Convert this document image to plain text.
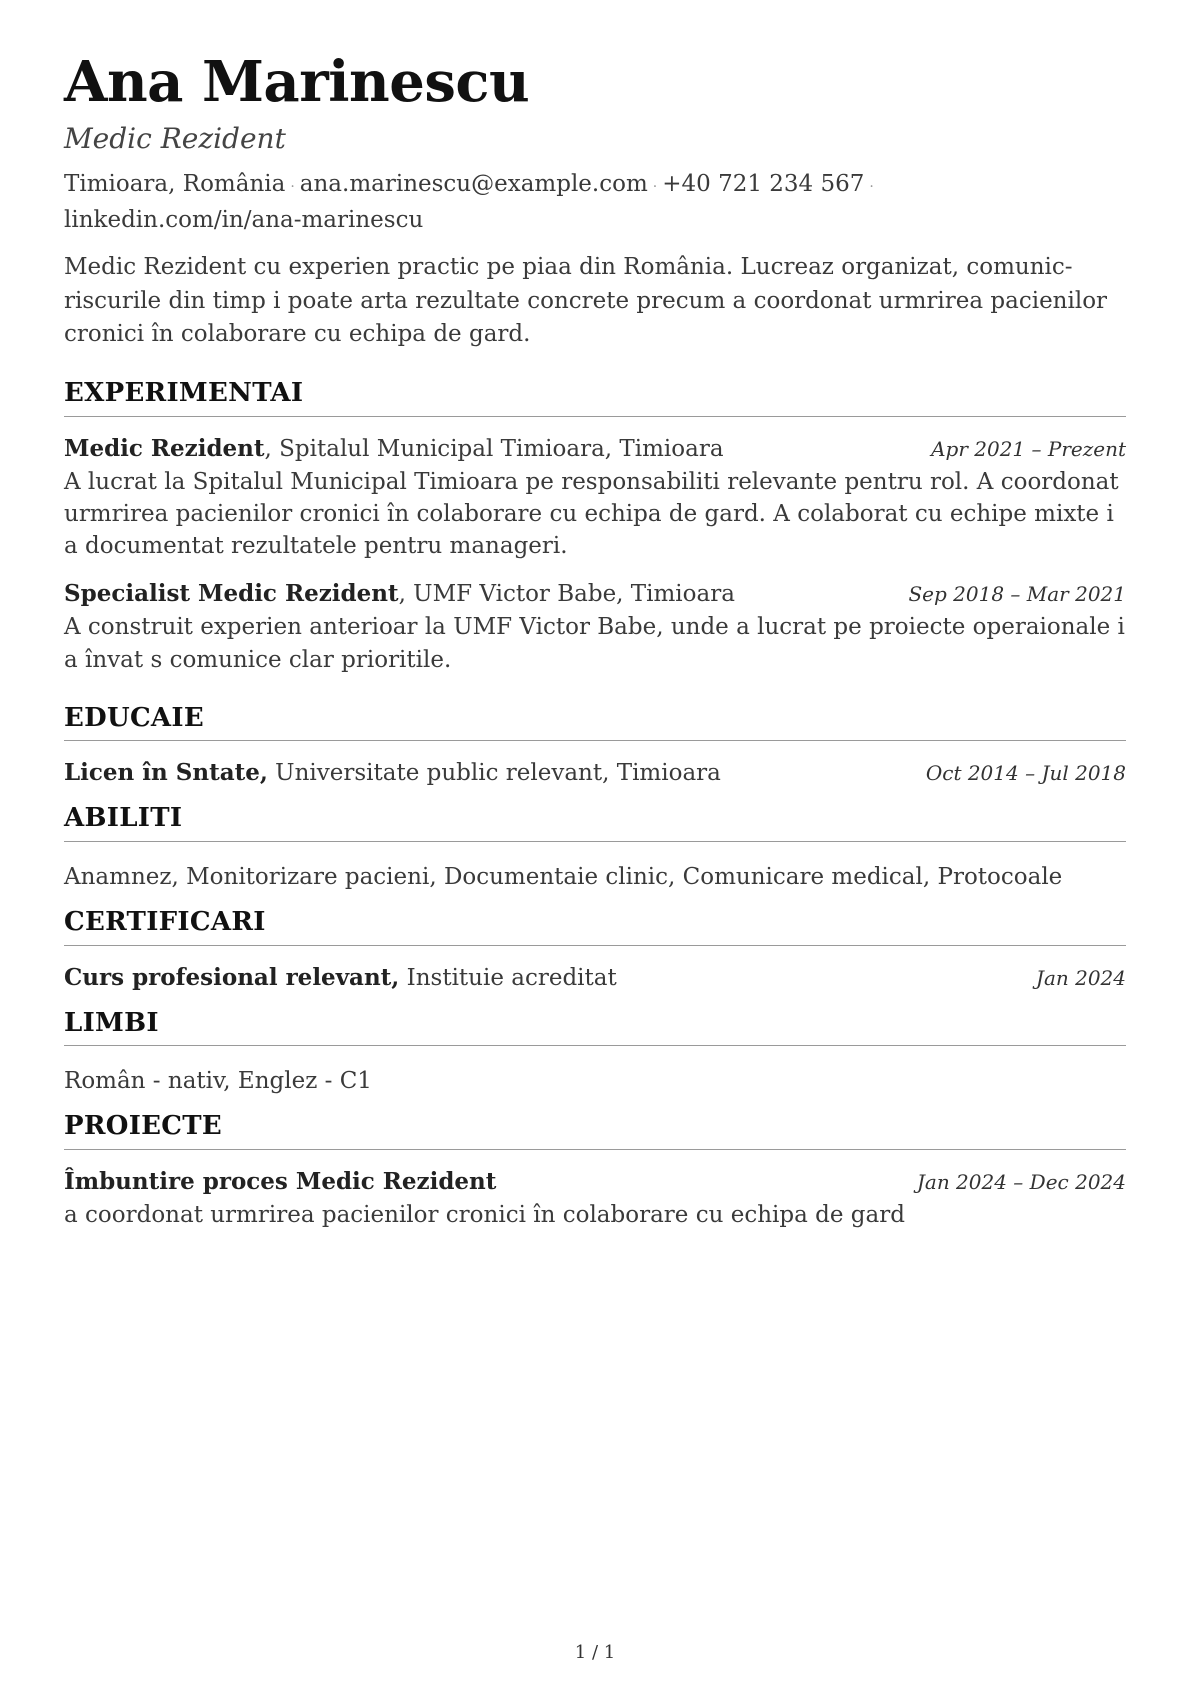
Ana Marinescu
Medic Rezident
Timioara, România · ana.marinescu@example.com · +40 721 234 567 ·
linkedin.com/in/ana-marinescu
Medic Rezident cu experien practic pe piaa din România. Lucreaz organizat, comunic- riscurile din timp i poate arta rezultate concrete precum a coordonat urmrirea pacienilor cronici în colaborare cu echipa de gard.
EXPERIMENTAI
Medic Rezident, Spitalul Municipal Timioara, Timioara	Apr 2021 – Prezent
A lucrat la Spitalul Municipal Timioara pe responsabiliti relevante pentru rol. A coordonat urmrirea pacienilor cronici în colaborare cu echipa de gard. A colaborat cu echipe mixte i a documentat rezultatele pentru manageri.
Specialist Medic Rezident, UMF Victor Babe, Timioara	Sep 2018 – Mar 2021
A construit experien anterioar la UMF Victor Babe, unde a lucrat pe proiecte operaionale i a învat s comunice clar prioritile.
EDUCAIE
Licen în Sntate, Universitate public relevant, Timioara	Oct 2014 – Jul 2018
ABILITI
Anamnez, Monitorizare pacieni, Documentaie clinic, Comunicare medical, Protocoale
CERTIFICARI
Curs profesional relevant, Instituie acreditat	Jan 2024
LIMBI
Român - nativ, Englez - C1
PROIECTE
Îmbuntire proces Medic Rezident	Jan 2024 – Dec 2024
a coordonat urmrirea pacienilor cronici în colaborare cu echipa de gard
1 / 1
